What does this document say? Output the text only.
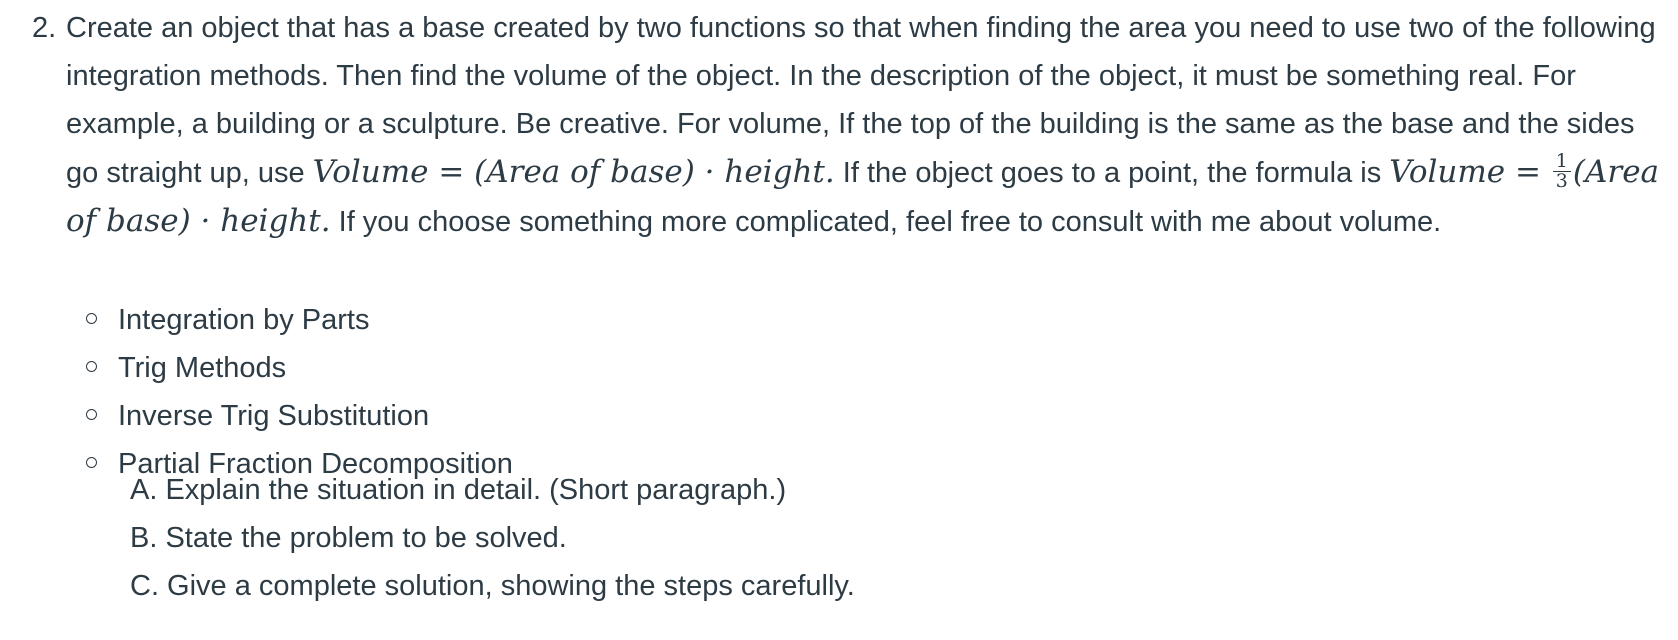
2. Create an object that has a base created by two functions so that when finding the area you need to use two of the following integration methods. Then find the volume of the object. In the description of the object, it must be something real. For example, a building or a sculpture. Be creative. For volume, If the top of the building is the same as the base and the sides go straight up, use Volume = (Area of base) · height. If the object goes to a point, the formula is Volume = $\frac{1}{3}$ (Area of base) · height. If you choose something more complicated, feel free to consult with me about volume.
Integration by Parts
Trig Methods
Inverse Trig Substitution
Partial Fraction Decomposition
A. Explain the situation in detail. (Short paragraph.)
B. State the problem to be solved.
C. Give a complete solution, showing the steps carefully.
